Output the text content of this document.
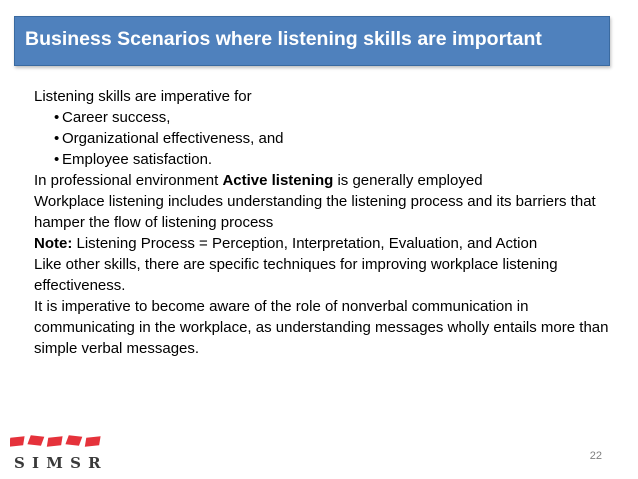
Business Scenarios where listening skills are important

Listening skills are imperative for

• Career success,
• Organizational effectiveness, and
• Employee satisfaction.

In professional environment Active listening is generally employed

Workplace listening includes understanding the listening process and its barriers that hamper the flow of listening process

Note: Listening Process = Perception, Interpretation, Evaluation, and Action

Like other skills, there are specific techniques for improving workplace listening effectiveness.

It is imperative to become aware of the role of nonverbal communication in communicating in the workplace, as understanding messages wholly entails more than simple verbal messages.

S I M S R	22
